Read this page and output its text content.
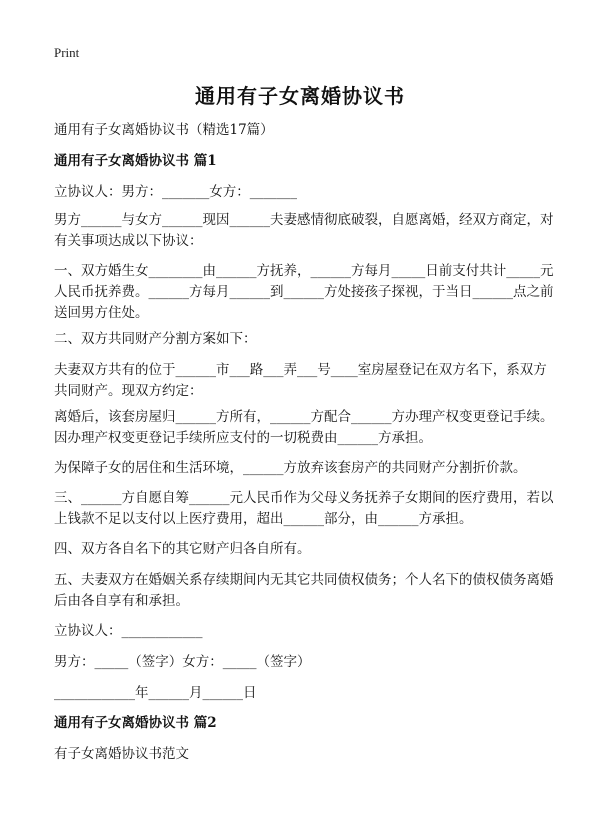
Print
通用有子女离婚协议书
通用有子女离婚协议书（精选17篇）
通用有子女离婚协议书 篇1
立协议人：男方：_______女方：_______
男方______与女方______现因______夫妻感情彻底破裂，自愿离婚，经双方商定，对有关事项达成以下协议：
一、双方婚生女________由______方抚养，______方每月_____日前支付共计_____元人民币抚养费。______方每月______到______方处接孩子探视，于当日______点之前送回男方住处。
二、双方共同财产分割方案如下：
夫妻双方共有的位于______市___路___弄___号____室房屋登记在双方名下，系双方共同财产。现双方约定：
离婚后，该套房屋归______方所有，______方配合______方办理产权变更登记手续。因办理产权变更登记手续所应支付的一切税费由______方承担。
为保障子女的居住和生活环境，______方放弃该套房产的共同财产分割折价款。
三、______方自愿自筹______元人民币作为父母义务抚养子女期间的医疗费用，若以上钱款不足以支付以上医疗费用，超出______部分，由______方承担。
四、双方各自名下的其它财产归各自所有。
五、夫妻双方在婚姻关系存续期间内无其它共同债权债务；个人名下的债权债务离婚后由各自享有和承担。
立协议人：____________
男方：_____（签字）女方：_____（签字）
____________年______月______日
通用有子女离婚协议书 篇2
有子女离婚协议书范文
